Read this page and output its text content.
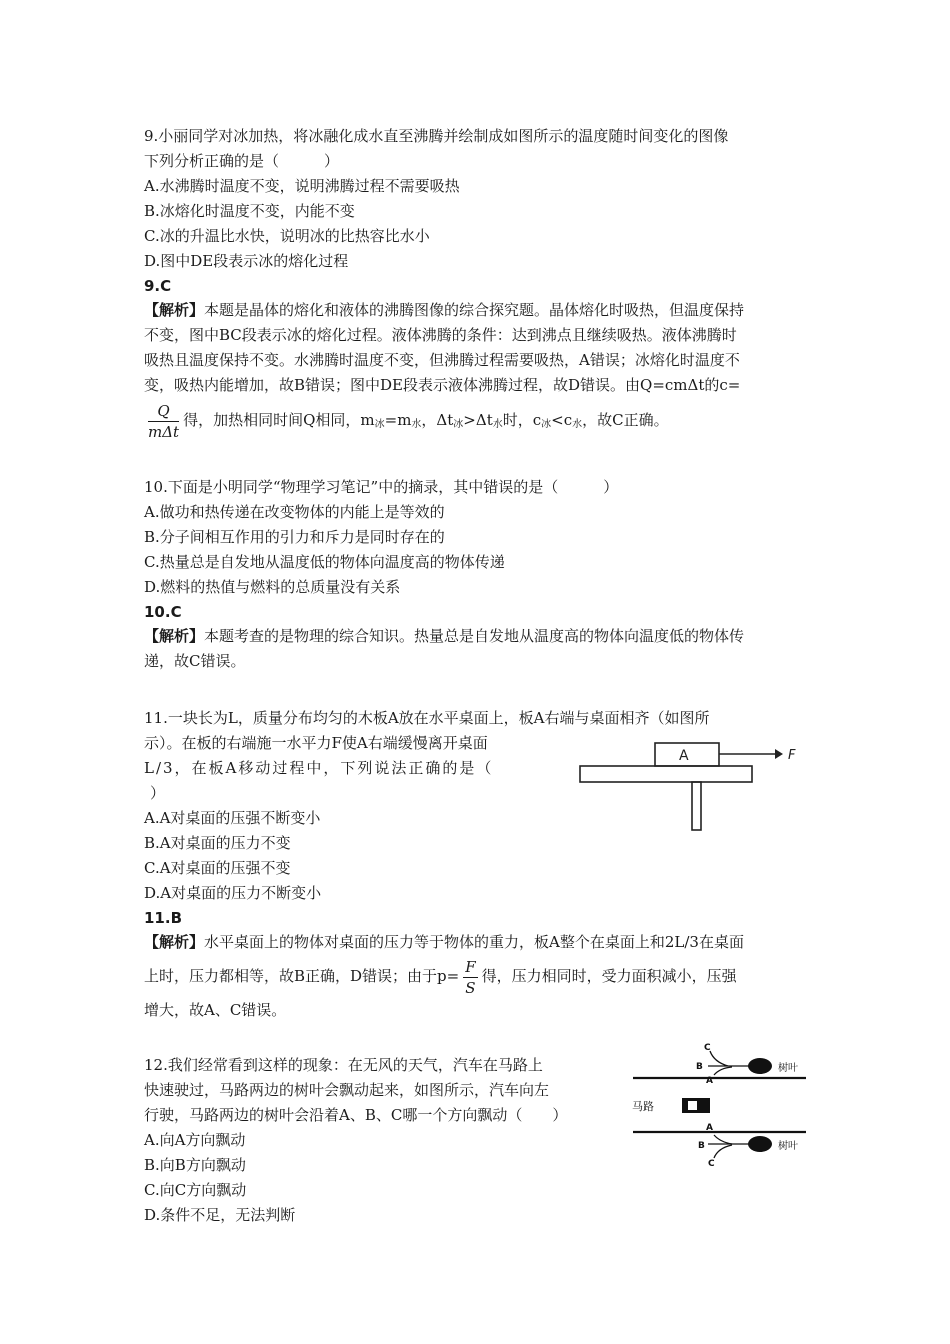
9.小丽同学对冰加热，将冰融化成水直至沸腾并绘制成如图所示的温度随时间变化的图像
下列分析正确的是（　　　）
A.水沸腾时温度不变，说明沸腾过程不需要吸热
B.冰熔化时温度不变，内能不变
C.冰的升温比水快，说明冰的比热容比水小
D.图中DE段表示冰的熔化过程
9.C
【解析】本题是晶体的熔化和液体的沸腾图像的综合探究题。晶体熔化时吸热，但温度保持
不变，图中BC段表示冰的熔化过程。液体沸腾的条件：达到沸点且继续吸热。液体沸腾时
吸热且温度保持不变。水沸腾时温度不变，但沸腾过程需要吸热，A错误；冰熔化时温度不
变，吸热内能增加，故B错误；图中DE段表示液体沸腾过程，故D错误。由Q=cmΔt的c=
$\frac{Q}{\text{mΔt}}$ 得，加热相同时间Q相同，$m_冰=m_水$，$\Delta t_冰>\Delta t_水$时，$c_冰<c_水$，故C正确。
10.下面是小明同学“物理学习笔记”中的摘录，其中错误的是（　　　）
A.做功和热传递在改变物体的内能上是等效的
B.分子间相互作用的引力和斥力是同时存在的
C.热量总是自发地从温度低的物体向温度高的物体传递
D.燃料的热值与燃料的总质量没有关系
10.C
【解析】本题考查的是物理的综合知识。热量总是自发地从温度高的物体向温度低的物体传
递，故C错误。
11.一块长为L，质量分布均匀的木板A放在水平桌面上，板A右端与桌面相齐（如图所
示）。在板的右端施一水平力F使A右端缓慢离开桌面
L/3，在板A移动过程中，下列说法正确的是（
）
A.A对桌面的压强不断变小
B.A对桌面的压力不变
C.A对桌面的压强不变
D.A对桌面的压力不断变小
11.B
【解析】水平桌面上的物体对桌面的压力等于物体的重力，板A整个在桌面上和2L/3在桌面
上时，压力都相等，故B正确，D错误；由于$p= \frac{F}{S}$ 得，压力相同时，受力面积减小，压强
增大，故A、C错误。
12.我们经常看到这样的现象：在无风的天气，汽车在马路上
快速驶过，马路两边的树叶会飘动起来，如图所示，汽车向左
行驶，马路两边的树叶会沿着A、B、C哪一个方向飘动（　　）
A.向A方向飘动
B.向B方向飘动
C.向C方向飘动
D.条件不足，无法判断
A	F
C
B
A
树叶
马路
A
B
C
树叶
